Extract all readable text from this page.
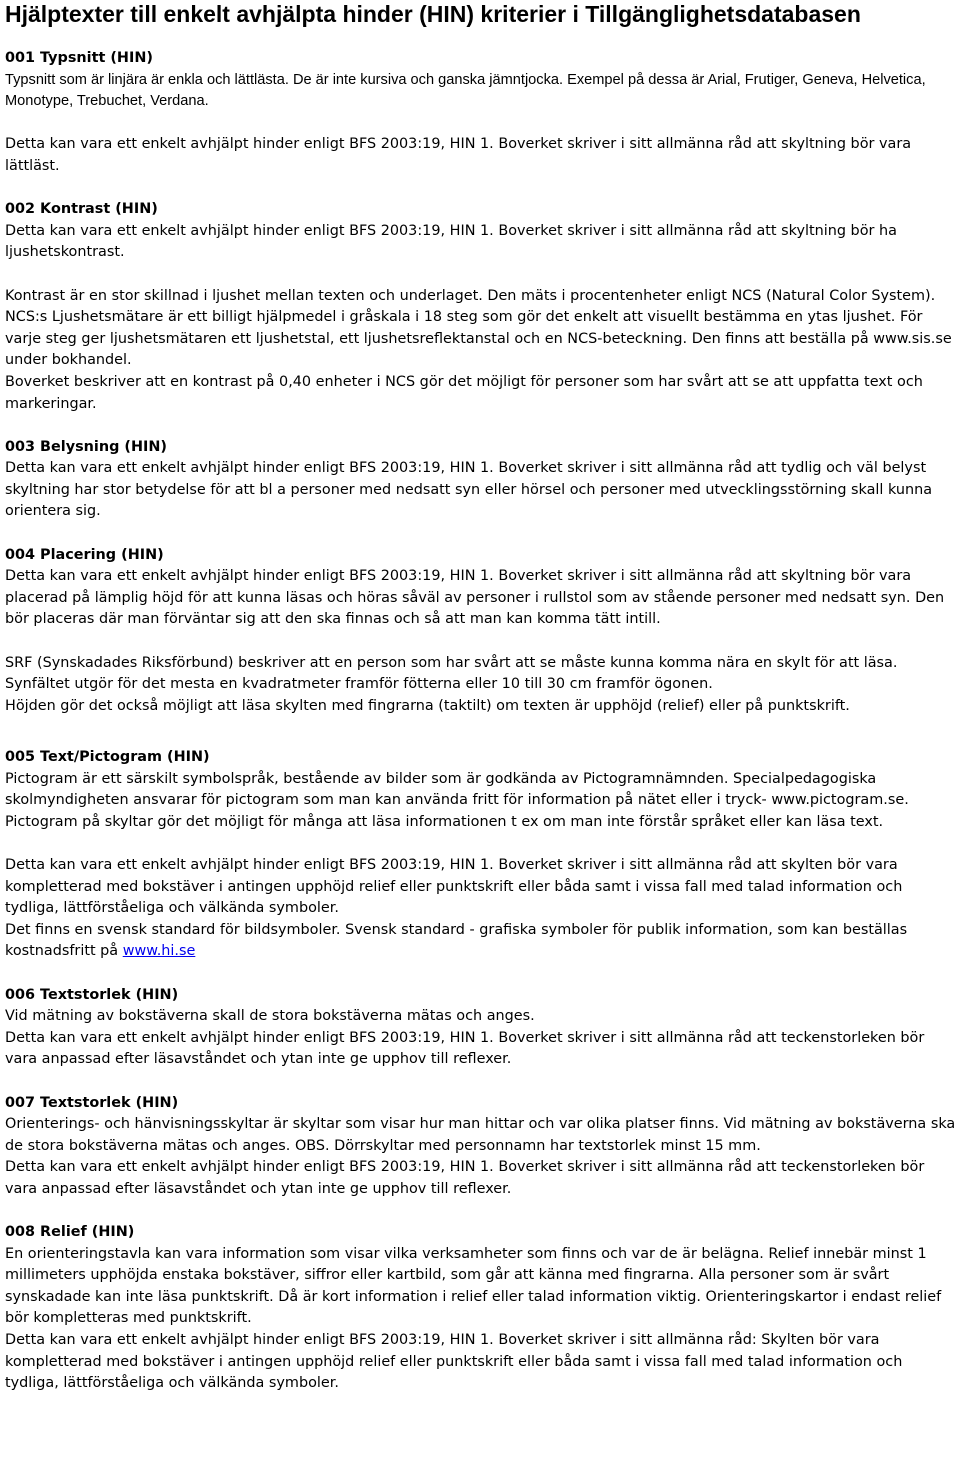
Hjälptexter till enkelt avhjälpta hinder (HIN) kriterier i Tillgänglighetsdatabasen

001 Typsnitt (HIN)

Typsnitt som är linjära är enkla och lättlästa. De är inte kursiva och ganska jämntjocka. Exempel på dessa är Arial, Frutiger, Geneva, Helvetica, Monotype, Trebuchet, Verdana.

Detta kan vara ett enkelt avhjälpt hinder enligt BFS 2003:19, HIN 1. Boverket skriver i sitt allmänna råd att skyltning bör vara lättläst.

002 Kontrast (HIN)

Detta kan vara ett enkelt avhjälpt hinder enligt BFS 2003:19, HIN 1. Boverket skriver i sitt allmänna råd att skyltning bör ha ljushetskontrast.

Kontrast är en stor skillnad i ljushet mellan texten och underlaget. Den mäts i procentenheter enligt NCS (Natural Color System). NCS:s Ljushetsmätare är ett billigt hjälpmedel i gråskala i 18 steg som gör det enkelt att visuellt bestämma en ytas ljushet. För varje steg ger ljushetsmätaren ett ljushetstal, ett ljushetsreflektanstal och en NCS-beteckning. Den finns att beställa på www.sis.se under bokhandel.

Boverket beskriver att en kontrast på 0,40 enheter i NCS gör det möjligt för personer som har svårt att se att uppfatta text och markeringar.

003 Belysning (HIN)

Detta kan vara ett enkelt avhjälpt hinder enligt BFS 2003:19, HIN 1. Boverket skriver i sitt allmänna råd att tydlig och väl belyst skyltning har stor betydelse för att bl a personer med nedsatt syn eller hörsel och personer med utvecklingsstörning skall kunna orientera sig.

004 Placering (HIN)

Detta kan vara ett enkelt avhjälpt hinder enligt BFS 2003:19, HIN 1. Boverket skriver i sitt allmänna råd att skyltning bör vara placerad på lämplig höjd för att kunna läsas och höras såväl av personer i rullstol som av stående personer med nedsatt syn. Den bör placeras där man förväntar sig att den ska finnas och så att man kan komma tätt intill.

SRF (Synskadades Riksförbund) beskriver att en person som har svårt att se måste kunna komma nära en skylt för att läsa. Synfältet utgör för det mesta en kvadratmeter framför fötterna eller 10 till 30 cm framför ögonen.

Höjden gör det också möjligt att läsa skylten med fingrarna (taktilt) om texten är upphöjd (relief) eller på punktskrift.

005 Text/Pictogram (HIN)

Pictogram är ett särskilt symbolspråk, bestående av bilder som är godkända av Pictogramnämnden. Specialpedagogiska skolmyndigheten ansvarar för pictogram som man kan använda fritt för information på nätet eller i tryck- www.pictogram.se.

Pictogram på skyltar gör det möjligt för många att läsa informationen t ex om man inte förstår språket eller kan läsa text.

Detta kan vara ett enkelt avhjälpt hinder enligt BFS 2003:19, HIN 1. Boverket skriver i sitt allmänna råd att skylten bör vara kompletterad med bokstäver i antingen upphöjd relief eller punktskrift eller båda samt i vissa fall med talad information och tydliga, lättförståeliga och välkända symboler.

Det finns en svensk standard för bildsymboler. Svensk standard - grafiska symboler för publik information, som kan beställas kostnadsfritt på www.hi.se

006 Textstorlek (HIN)

Vid mätning av bokstäverna skall de stora bokstäverna mätas och anges.

Detta kan vara ett enkelt avhjälpt hinder enligt BFS 2003:19, HIN 1. Boverket skriver i sitt allmänna råd att teckenstorleken bör vara anpassad efter läsavståndet och ytan inte ge upphov till reflexer.

007 Textstorlek (HIN)

Orienterings- och hänvisningsskyltar är skyltar som visar hur man hittar och var olika platser finns. Vid mätning av bokstäverna ska de stora bokstäverna mätas och anges. OBS. Dörrskyltar med personnamn har textstorlek minst 15 mm.

Detta kan vara ett enkelt avhjälpt hinder enligt BFS 2003:19, HIN 1. Boverket skriver i sitt allmänna råd att teckenstorleken bör vara anpassad efter läsavståndet och ytan inte ge upphov till reflexer.

008 Relief (HIN)

En orienteringstavla kan vara information som visar vilka verksamheter som finns och var de är belägna. Relief innebär minst 1 millimeters upphöjda enstaka bokstäver, siffror eller kartbild, som går att känna med fingrarna. Alla personer som är svårt synskadade kan inte läsa punktskrift. Då är kort information i relief eller talad information viktig. Orienteringskartor i endast relief bör kompletteras med punktskrift.

Detta kan vara ett enkelt avhjälpt hinder enligt BFS 2003:19, HIN 1. Boverket skriver i sitt allmänna råd: Skylten bör vara kompletterad med bokstäver i antingen upphöjd relief eller punktskrift eller båda samt i vissa fall med talad information och tydliga, lättförståeliga och välkända symboler.
